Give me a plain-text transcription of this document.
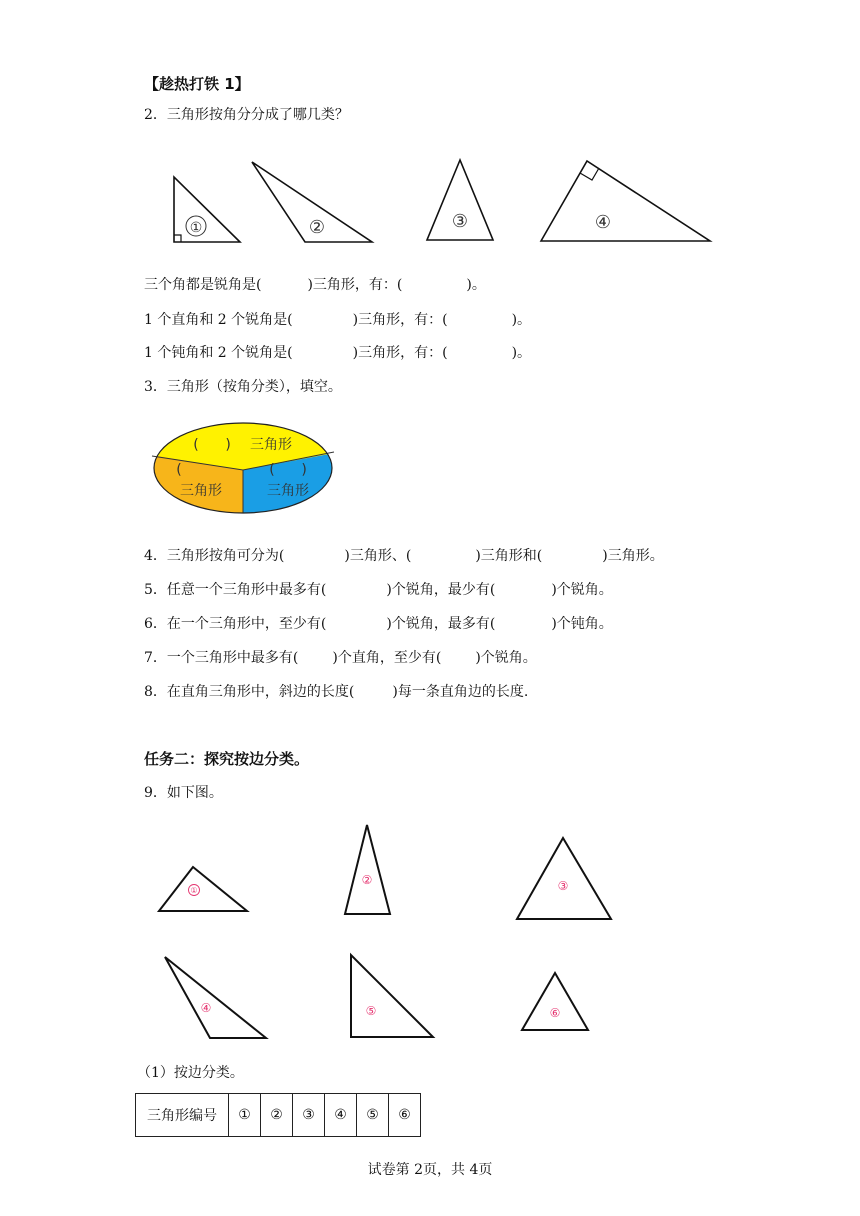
【趁热打铁 1】
2．三角形按角分分成了哪几类？
①	②	③	④
三个角都是锐角是(	)三角形，有：(	)。
1 个直角和 2 个锐角是(	)三角形，有：(	)。
1 个钝角和 2 个锐角是(	)三角形，有：(	)。
3．三角形（按角分类），填空。
(      ) 三角形
(
三角形
(      )
三角形
4．三角形按角可分为(	)三角形、(	)三角形和(	)三角形。
5．任意一个三角形中最多有(	)个锐角，最少有(	)个锐角。
6．在一个三角形中，至少有(	)个锐角，最多有(	)个钝角。
7．一个三角形中最多有( )个直角，至少有( )个锐角。
8．在直角三角形中，斜边的长度(	)每一条直角边的长度.
任务二：探究按边分类。
9．如下图。
①
②	③
④	⑤	⑥
（1）按边分类。
三角形编号	①	②	③	④	⑤	⑥
试卷第 2页，共 4页
